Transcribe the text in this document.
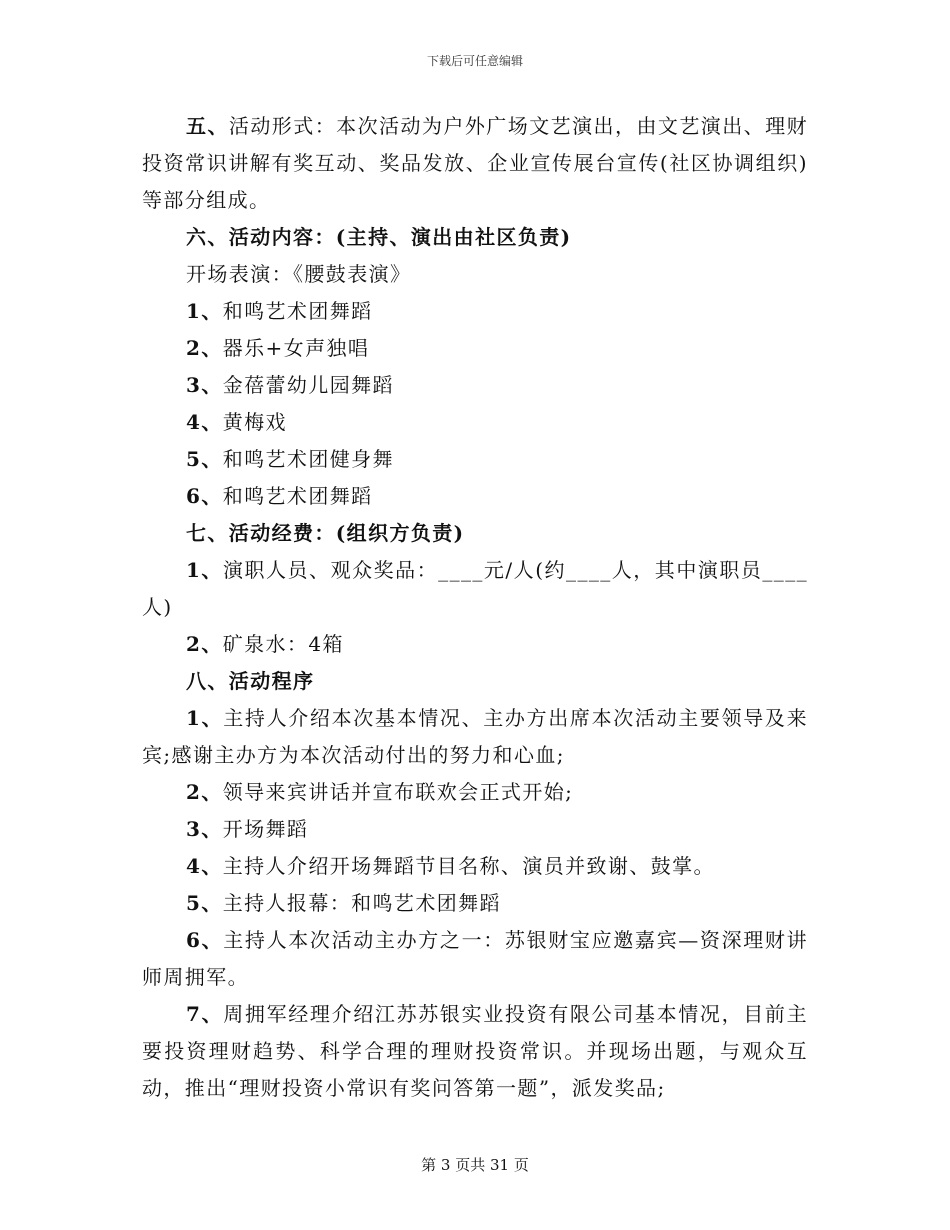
下载后可任意编辑

五、活动形式：本次活动为户外广场文艺演出，由文艺演出、理财投资常识讲解有奖互动、奖品发放、企业宣传展台宣传(社区协调组织)等部分组成。

六、活动内容：(主持、演出由社区负责)

开场表演：《腰鼓表演》

1、和鸣艺术团舞蹈

2、器乐+女声独唱

3、金蓓蕾幼儿园舞蹈

4、黄梅戏

5、和鸣艺术团健身舞

6、和鸣艺术团舞蹈

七、活动经费：(组织方负责)

1、演职人员、观众奖品：____元/人(约____人，其中演职员____人)

2、矿泉水：4箱

八、活动程序

1、主持人介绍本次基本情况、主办方出席本次活动主要领导及来宾;感谢主办方为本次活动付出的努力和心血;

2、领导来宾讲话并宣布联欢会正式开始;

3、开场舞蹈

4、主持人介绍开场舞蹈节目名称、演员并致谢、鼓掌。

5、主持人报幕：和鸣艺术团舞蹈

6、主持人本次活动主办方之一：苏银财宝应邀嘉宾—资深理财讲师周拥军。

7、周拥军经理介绍江苏苏银实业投资有限公司基本情况，目前主要投资理财趋势、科学合理的理财投资常识。并现场出题，与观众互动，推出“理财投资小常识有奖问答第一题”，派发奖品;

第 3 页共 31 页
